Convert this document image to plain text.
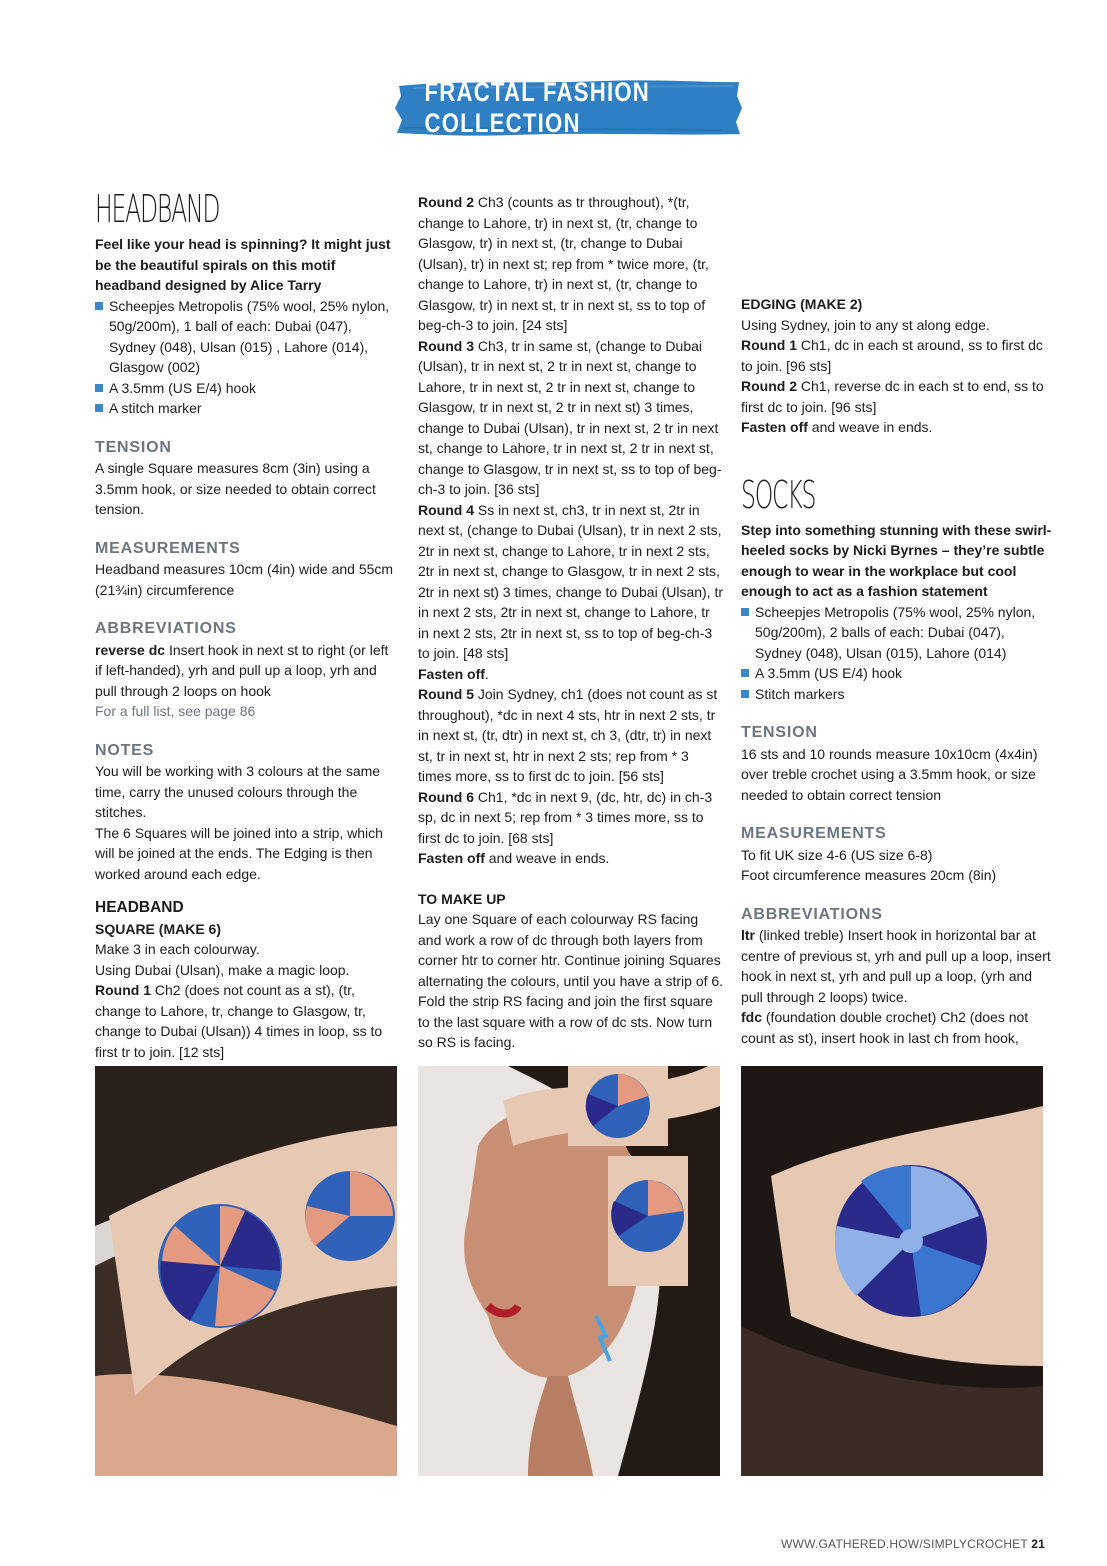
FRACTAL FASHION COLLECTION
HEADBAND

Feel like your head is spinning? It might just be the beautiful spirals on this motif headband designed by Alice Tarry

Scheepjes Metropolis (75% wool, 25% nylon, 50g/200m), 1 ball of each: Dubai (047), Sydney (048), Ulsan (015) , Lahore (014), Glasgow (002)
A 3.5mm (US E/4) hook
A stitch marker
TENSION

A single Square measures 8cm (3in) using a 3.5mm hook, or size needed to obtain correct tension.

MEASUREMENTS

Headband measures 10cm (4in) wide and 55cm (21¾in) circumference

ABBREVIATIONS

reverse dc Insert hook in next st to right (or left if left-handed), yrh and pull up a loop, yrh and pull through 2 loops on hook

For a full list, see page 86

NOTES

You will be working with 3 colours at the same time, carry the unused colours through the stitches.

The 6 Squares will be joined into a strip, which will be joined at the ends. The Edging is then worked around each edge.

HEADBAND
SQUARE (MAKE 6)

Make 3 in each colourway.

Using Dubai (Ulsan), make a magic loop.

Round 1 Ch2 (does not count as a st), (tr, change to Lahore, tr, change to Glasgow, tr, change to Dubai (Ulsan)) 4 times in loop, ss to first tr to join. [12 sts]

Round 2 Ch3 (counts as tr throughout), *(tr, change to Lahore, tr) in next st, (tr, change to Glasgow, tr) in next st, (tr, change to Dubai (Ulsan), tr) in next st; rep from * twice more, (tr, change to Lahore, tr) in next st, (tr, change to Glasgow, tr) in next st, tr in next st, ss to top of beg-ch-3 to join. [24 sts]

Round 3 Ch3, tr in same st, (change to Dubai (Ulsan), tr in next st, 2 tr in next st, change to Lahore, tr in next st, 2 tr in next st, change to Glasgow, tr in next st, 2 tr in next st) 3 times, change to Dubai (Ulsan), tr in next st, 2 tr in next st, change to Lahore, tr in next st, 2 tr in next st, change to Glasgow, tr in next st, ss to top of beg-ch-3 to join. [36 sts]

Round 4 Ss in next st, ch3, tr in next st, 2tr in next st, (change to Dubai (Ulsan), tr in next 2 sts, 2tr in next st, change to Lahore, tr in next 2 sts, 2tr in next st, change to Glasgow, tr in next 2 sts, 2tr in next st) 3 times, change to Dubai (Ulsan), tr in next 2 sts, 2tr in next st, change to Lahore, tr in next 2 sts, 2tr in next st, ss to top of beg-ch-3 to join. [48 sts]

Fasten off.

Round 5 Join Sydney, ch1 (does not count as st throughout), *dc in next 4 sts, htr in next 2 sts, tr in next st, (tr, dtr) in next st, ch 3, (dtr, tr) in next st, tr in next st, htr in next 2 sts; rep from * 3 times more, ss to first dc to join. [56 sts]

Round 6 Ch1, *dc in next 9, (dc, htr, dc) in ch-3 sp, dc in next 5; rep from * 3 times more, ss to first dc to join. [68 sts]

Fasten off and weave in ends.

TO MAKE UP

Lay one Square of each colourway RS facing and work a row of dc through both layers from corner htr to corner htr. Continue joining Squares alternating the colours, until you have a strip of 6. Fold the strip RS facing and join the first square to the last square with a row of dc sts. Now turn so RS is facing.

EDGING (MAKE 2)

Using Sydney, join to any st along edge.

Round 1 Ch1, dc in each st around, ss to first dc to join. [96 sts]

Round 2 Ch1, reverse dc in each st to end, ss to first dc to join. [96 sts]

Fasten off and weave in ends.

SOCKS

Step into something stunning with these swirl-heeled socks by Nicki Byrnes – they’re subtle enough to wear in the workplace but cool enough to act as a fashion statement

Scheepjes Metropolis (75% wool, 25% nylon, 50g/200m), 2 balls of each: Dubai (047), Sydney (048), Ulsan (015), Lahore (014)
A 3.5mm (US E/4) hook
Stitch markers
TENSION

16 sts and 10 rounds measure 10x10cm (4x4in) over treble crochet using a 3.5mm hook, or size needed to obtain correct tension

MEASUREMENTS

To fit UK size 4-6 (US size 6-8)

Foot circumference measures 20cm (8in)

ABBREVIATIONS

ltr (linked treble) Insert hook in horizontal bar at centre of previous st, yrh and pull up a loop, insert hook in next st, yrh and pull up a loop, (yrh and pull through 2 loops) twice.

fdc (foundation double crochet) Ch2 (does not count as st), insert hook in last ch from hook,

WWW.GATHERED.HOW/SIMPLYCROCHET 21
